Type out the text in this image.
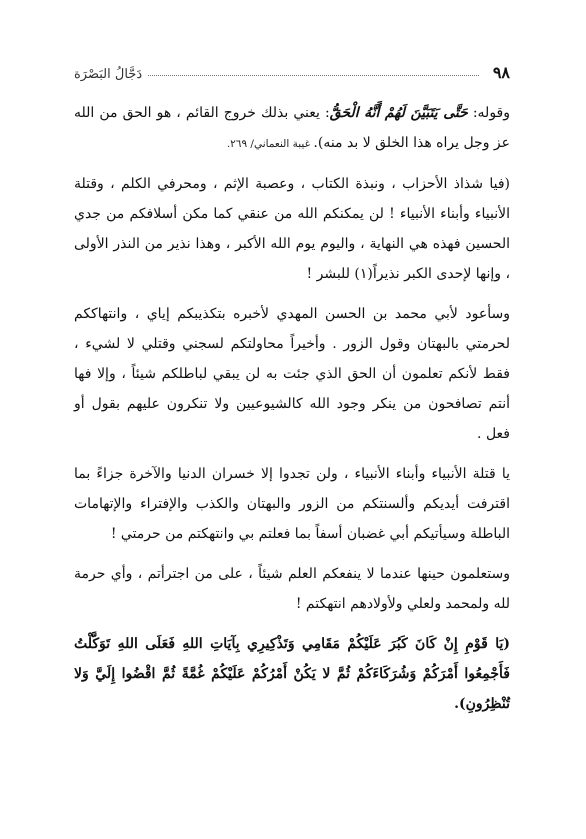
٩٨
دَجَّالُ البَصْرَة

وقوله: حَتَّى يَتَبَيَّنَ لَهُمْ أَنَّهُ الْحَقُّ: يعني بذلك خروج القائم ، هو الحق من الله عز وجل يراه هذا الخلق لا بد منه). غيبة النعماني/ ٢٦٩.

(فيا شذاذ الأحزاب ، ونبذة الكتاب ، وعصبة الإثم ، ومحرفي الكلم ، وقتلة الأنبياء وأبناء الأنبياء ! لن يمكنكم الله من عنقي كما مكن أسلافكم من جدي الحسين فهذه هي النهاية ، واليوم يوم الله الأكبر ، وهذا نذير من النذر الأولى ، وإنها لإحدى الكبر نذيراً(١) للبشر !

وسأعود لأبي محمد بن الحسن المهدي لأخبره بتكذيبكم إياي ، وانتهاككم لحرمتي بالبهتان وقول الزور . وأخيراً محاولتكم لسجني وقتلي لا لشيء ، فقط لأنكم تعلمون أن الحق الذي جئت به لن يبقي لباطلكم شيئاً ، وإلا فها أنتم تصافحون من ينكر وجود الله كالشيوعيين ولا تنكرون عليهم بقول أو فعل .

يا قتلة الأنبياء وأبناء الأنبياء ، ولن تجدوا إلا خسران الدنيا والآخرة جزاءً بما اقترفت أيديكم وألسنتكم من الزور والبهتان والكذب والإفتراء والإتهامات الباطلة وسيأتيكم أبي غضبان أسفاً بما فعلتم بي وانتهكتم من حرمتي !

وستعلمون حينها عندما لا ينفعكم العلم شيئاً ، على من اجترأتم ، وأي حرمة لله ولمحمد ولعلي ولأولادهم انتهكتم !

(يَا قَوْمِ إِنْ كَانَ كَبُرَ عَلَيْكُمْ مَقَامِي وَتَذْكِيرِي بِآيَاتِ اللهِ فَعَلَى اللهِ تَوَكَّلْتُ فَأَجْمِعُوا أَمْرَكُمْ وَشُرَكَاءَكُمْ ثُمَّ لا يَكُنْ أَمْرُكُمْ عَلَيْكُمْ غُمَّةً ثُمَّ اقْضُوا إِلَيَّ وَلا تُنْظِرُونِ).
